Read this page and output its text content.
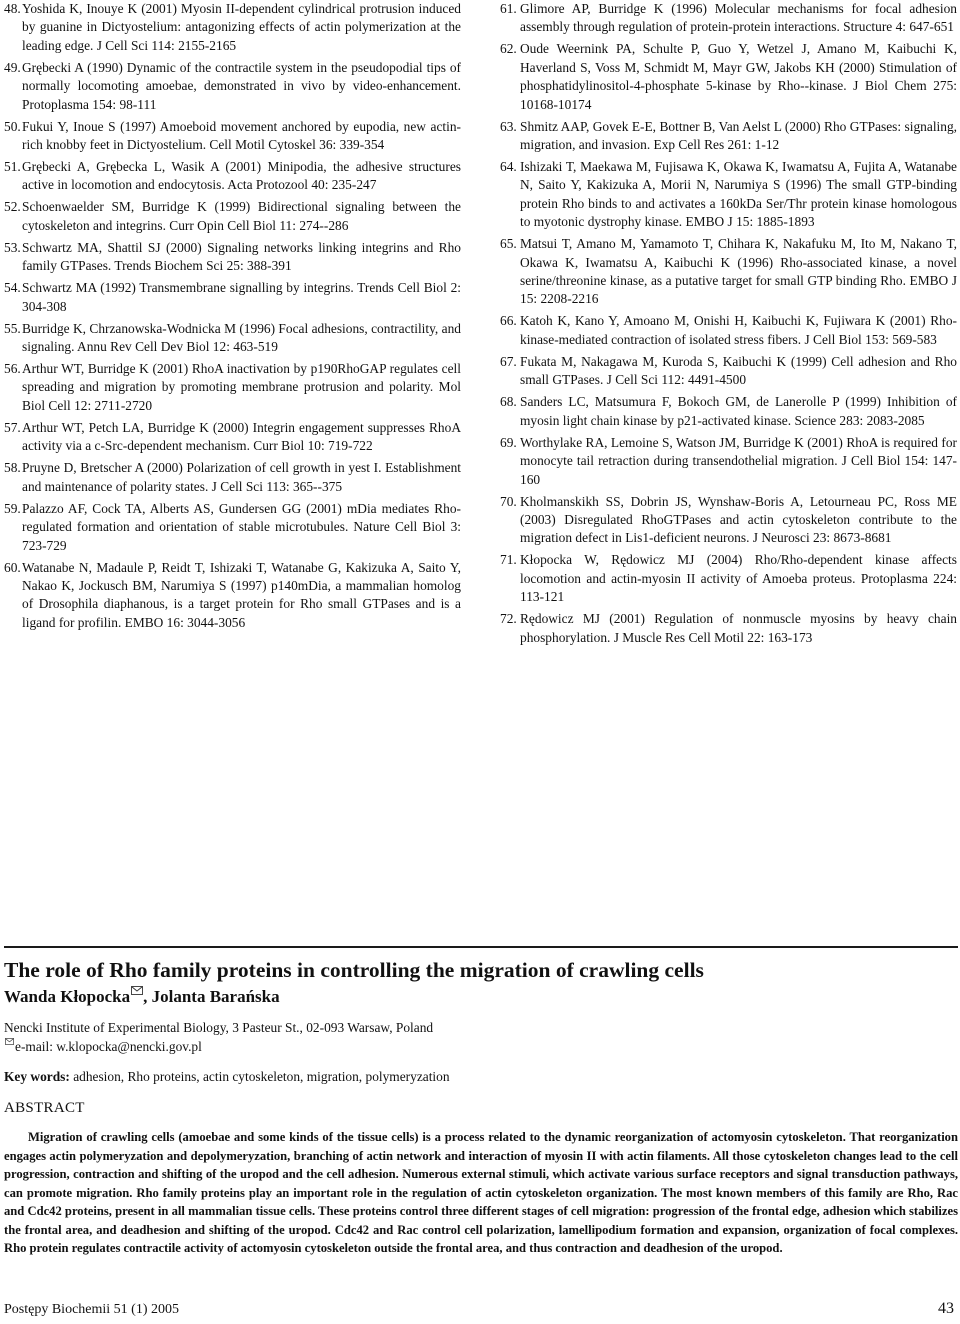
48. Yoshida K, Inouye K (2001) Myosin II-dependent cylindrical protrusion induced by guanine in Dictyostelium: antagonizing effects of actin polymerization at the leading edge. J Cell Sci 114: 2155-2165
49. Grębecki A (1990) Dynamic of the contractile system in the pseudopodial tips of normally locomoting amoebae, demonstrated in vivo by video-enhancement. Protoplasma 154: 98-111
50. Fukui Y, Inoue S (1997) Amoeboid movement anchored by eupodia, new actin-rich knobby feet in Dictyostelium. Cell Motil Cytoskel 36: 339-354
51. Grębecki A, Grębecka L, Wasik A (2001) Minipodia, the adhesive structures active in locomotion and endocytosis. Acta Protozool 40: 235-247
52. Schoenwaelder SM, Burridge K (1999) Bidirectional signaling between the cytoskeleton and integrins. Curr Opin Cell Biol 11: 274--286
53. Schwartz MA, Shattil SJ (2000) Signaling networks linking integrins and Rho family GTPases. Trends Biochem Sci 25: 388-391
54. Schwartz MA (1992) Transmembrane signalling by integrins. Trends Cell Biol 2: 304-308
55. Burridge K, Chrzanowska-Wodnicka M (1996) Focal adhesions, contractility, and signaling. Annu Rev Cell Dev Biol 12: 463-519
56. Arthur WT, Burridge K (2001) RhoA inactivation by p190RhoGAP regulates cell spreading and migration by promoting membrane protrusion and polarity. Mol Biol Cell 12: 2711-2720
57. Arthur WT, Petch LA, Burridge K (2000) Integrin engagement suppresses RhoA activity via a c-Src-dependent mechanism. Curr Biol 10: 719-722
58. Pruyne D, Bretscher A (2000) Polarization of cell growth in yest I. Establishment and maintenance of polarity states. J Cell Sci 113: 365--375
59. Palazzo AF, Cock TA, Alberts AS, Gundersen GG (2001) mDia mediates Rho-regulated formation and orientation of stable microtubules. Nature Cell Biol 3: 723-729
60. Watanabe N, Madaule P, Reidt T, Ishizaki T, Watanabe G, Kakizuka A, Saito Y, Nakao K, Jockusch BM, Narumiya S (1997) p140mDia, a mammalian homolog of Drosophila diaphanous, is a target protein for Rho small GTPases and is a ligand for profilin. EMBO 16: 3044-3056
61. Glimore AP, Burridge K (1996) Molecular mechanisms for focal adhesion assembly through regulation of protein-protein interactions. Structure 4: 647-651
62. Oude Weernink PA, Schulte P, Guo Y, Wetzel J, Amano M, Kaibuchi K, Haverland S, Voss M, Schmidt M, Mayr GW, Jakobs KH (2000) Stimulation of phosphatidylinositol-4-phosphate 5-kinase by Rho--kinase. J Biol Chem 275: 10168-10174
63. Shmitz AAP, Govek E-E, Bottner B, Van Aelst L (2000) Rho GTPases: signaling, migration, and invasion. Exp Cell Res 261: 1-12
64. Ishizaki T, Maekawa M, Fujisawa K, Okawa K, Iwamatsu A, Fujita A, Watanabe N, Saito Y, Kakizuka A, Morii N, Narumiya S (1996) The small GTP-binding protein Rho binds to and activates a 160kDa Ser/Thr protein kinase homologous to myotonic dystrophy kinase. EMBO J 15: 1885-1893
65. Matsui T, Amano M, Yamamoto T, Chihara K, Nakafuku M, Ito M, Nakano T, Okawa K, Iwamatsu A, Kaibuchi K (1996) Rho-associated kinase, a novel serine/threonine kinase, as a putative target for small GTP binding Rho. EMBO J 15: 2208-2216
66. Katoh K, Kano Y, Amoano M, Onishi H, Kaibuchi K, Fujiwara K (2001) Rho-kinase-mediated contraction of isolated stress fibers. J Cell Biol 153: 569-583
67. Fukata M, Nakagawa M, Kuroda S, Kaibuchi K (1999) Cell adhesion and Rho small GTPases. J Cell Sci 112: 4491-4500
68. Sanders LC, Matsumura F, Bokoch GM, de Lanerolle P (1999) Inhibition of myosin light chain kinase by p21-activated kinase. Science 283: 2083-2085
69. Worthylake RA, Lemoine S, Watson JM, Burridge K (2001) RhoA is required for monocyte tail retraction during transendothelial migration. J Cell Biol 154: 147-160
70. Kholmanskikh SS, Dobrin JS, Wynshaw-Boris A, Letourneau PC, Ross ME (2003) Disregulated RhoGTPases and actin cytoskeleton contribute to the migration defect in Lis1-deficient neurons. J Neurosci 23: 8673-8681
71. Kłopocka W, Rędowicz MJ (2004) Rho/Rho-dependent kinase affects locomotion and actin-myosin II activity of Amoeba proteus. Protoplasma 224: 113-121
72. Rędowicz MJ (2001) Regulation of nonmuscle myosins by heavy chain phosphorylation. J Muscle Res Cell Motil 22: 163-173
The role of Rho family proteins in controlling the migration of crawling cells
Wanda Kłopocka , Jolanta Barańska
Nencki Institute of Experimental Biology, 3 Pasteur St., 02-093 Warsaw, Poland
e-mail: w.klopocka@nencki.gov.pl
Key words: adhesion, Rho proteins, actin cytoskeleton, migration, polymeryzation
ABSTRACT
Migration of crawling cells (amoebae and some kinds of the tissue cells) is a process related to the dynamic reorganization of actomyosin cytoskeleton. That reorganization engages actin polymeryzation and depolymeryzation, branching of actin network and interaction of myosin II with actin filaments. All those cytoskeleton changes lead to the cell progression, contraction and shifting of the uropod and the cell adhesion. Numerous external stimuli, which activate various surface receptors and signal transduction pathways, can promote migration. Rho family proteins play an important role in the regulation of actin cytoskeleton organization. The most known members of this family are Rho, Rac and Cdc42 proteins, present in all mammalian tissue cells. These proteins control three different stages of cell migration: progression of the frontal edge, adhesion which stabilizes the frontal area, and deadhesion and shifting of the uropod. Cdc42 and Rac control cell polarization, lamellipodium formation and expansion, organization of focal complexes. Rho protein regulates contractile activity of actomyosin cytoskeleton outside the frontal area, and thus contraction and deadhesion of the uropod.
Postępy Biochemii 51 (1) 2005	43
